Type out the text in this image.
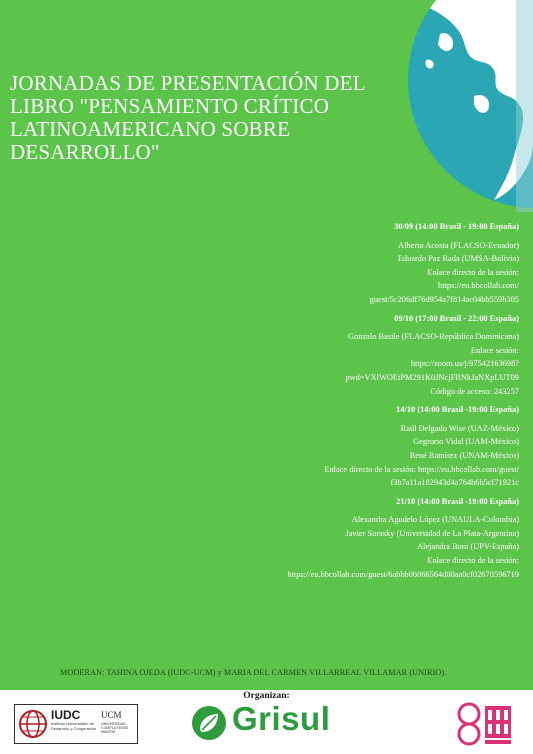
JORNADAS DE PRESENTACIÓN DEL LIBRO "PENSAMIENTO CRÍTICO LATINOAMERICANO SOBRE DESARROLLO"
30/09 (14:00 Brasil - 19:00 España)
Alberto Acosta (FLACSO-Ecuador)
Eduardo Paz Rada (UMSA-Bolivia)
Enlace directo de la sesión:
https://eu.bbcollab.com/
guest/5c206df76d954a7f814ac04bb559b305
09/10 (17:00 Brasil - 22:00 España)
Gonzalo Basile (FLACSO-República Dominicana)
Enlace sesión:
https://zoom.us/j/97542163698?
pwd=VXlWOEtPM291K0JNcjFRNkJaNXpLUT09
Código de acceso: 243257
14/10 (14:00 Brasil -19:00 España)
Raúl Delgado Wise (UAZ-México)
Gegrorio Vidal (UAM-México)
René Ramírez (UNAM-México)
Enlace directo de la sesión: https://eu.bbcollab.com/guest/
f3b7a11a182943d4a764b6b5cf71921c
21/10 (14:00 Brasil -19:00 España)
Alexandra Agudelo López (UNAULA-Colombia)
Javier Surasky (Universidad de La Plata-Argentina)
Alejandra Boni (UPV-España)
Enlace directo de la sesión:
https://eu.bbcollab.com/guest/6abbb06066564d00aa0cf02670596719
MODERAN: TAHINA OJEDA (IUDC-UCM) y MARIA DEL CARMEN VILLARREAL VILLAMAR (UNIRIO).
Organizan:
IUDC
Instituto Universitario de Desarrollo y Cooperación
UCM
UNIVERSIDAD COMPLUTENSE MADRID	Grisul
